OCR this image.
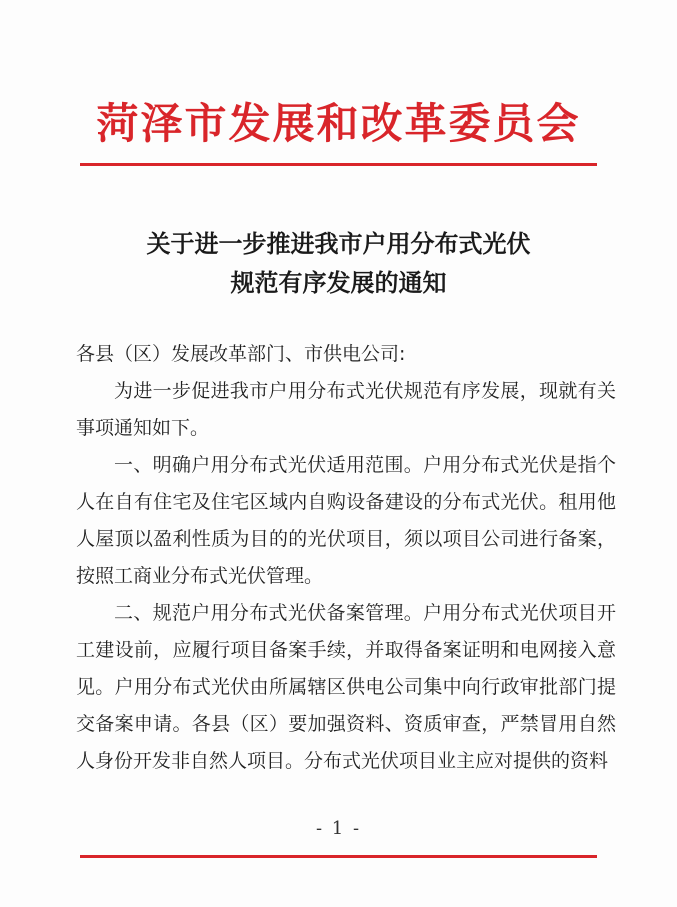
菏泽市发展和改革委员会
关于进一步推进我市户用分布式光伏
规范有序发展的通知

各县（区）发展改革部门、市供电公司:

为进一步促进我市户用分布式光伏规范有序发展，现就有关事项通知如下。

一、明确户用分布式光伏适用范围。户用分布式光伏是指个人在自有住宅及住宅区域内自购设备建设的分布式光伏。租用他人屋顶以盈利性质为目的的光伏项目，须以项目公司进行备案，按照工商业分布式光伏管理。

二、规范户用分布式光伏备案管理。户用分布式光伏项目开工建设前，应履行项目备案手续，并取得备案证明和电网接入意见。户用分布式光伏由所属辖区供电公司集中向行政审批部门提交备案申请。各县（区）要加强资料、资质审查，严禁冒用自然人身份开发非自然人项目。分布式光伏项目业主应对提供的资料

- 1 -
